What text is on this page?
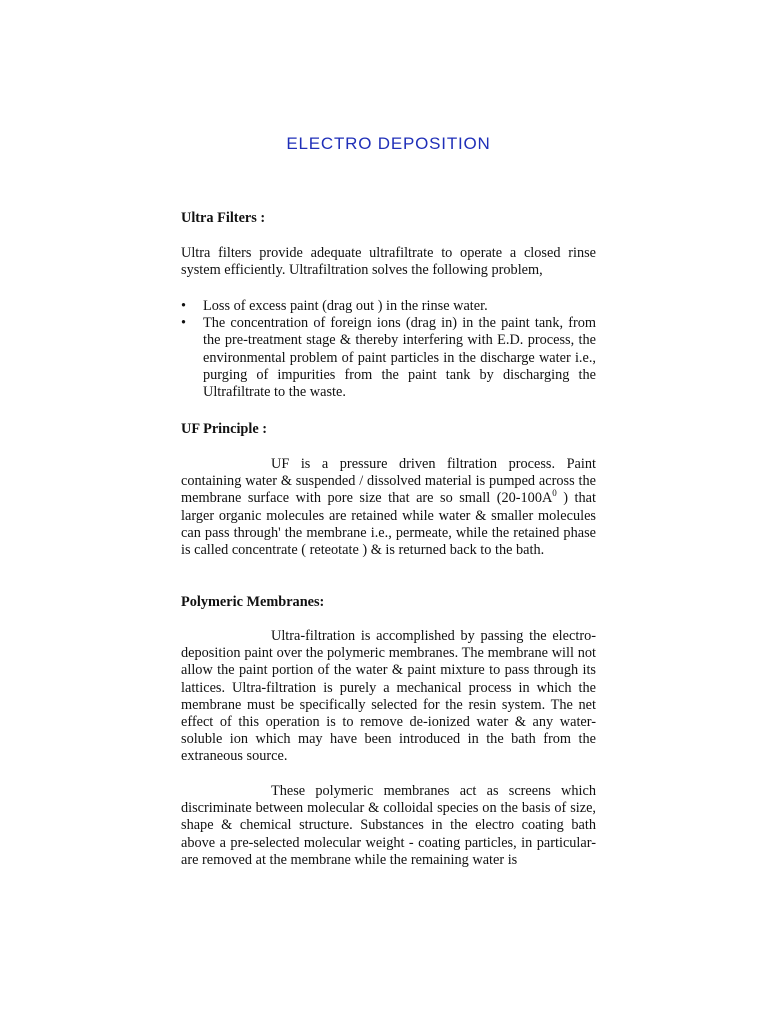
ELECTRO DEPOSITION
Ultra Filters :
Ultra filters provide adequate ultrafiltrate to operate a closed rinse system efficiently. Ultrafiltration solves the following problem,
• Loss of excess paint (drag out ) in the rinse water.
• The concentration of foreign ions (drag in) in the paint tank, from the pre-treatment stage & thereby interfering with E.D. process, the environmental problem of paint particles in the discharge water i.e., purging of impurities from the paint tank by discharging the Ultrafiltrate to the waste.
UF Principle :
UF is a pressure driven filtration process. Paint containing water & suspended / dissolved material is pumped across the membrane surface with pore size that are so small ($20-100A^0$ ) that larger organic molecules are retained while water & smaller molecules can pass through' the membrane i.e., permeate, while the retained phase is called concentrate ( reteotate ) & is returned back to the bath.
Polymeric Membranes:
Ultra-filtration is accomplished by passing the electro-deposition paint over the polymeric membranes. The membrane will not allow the paint portion of the water & paint mixture to pass through its lattices. Ultra-filtration is purely a mechanical process in which the membrane must be specifically selected for the resin system. The net effect of this operation is to remove de-ionized water & any water-soluble ion which may have been introduced in the bath from the extraneous source.
These polymeric membranes act as screens which discriminate between molecular & colloidal species on the basis of size, shape & chemical structure. Substances in the electro coating bath above a pre-selected molecular weight - coating particles, in particular-are removed at the membrane while the remaining water is
